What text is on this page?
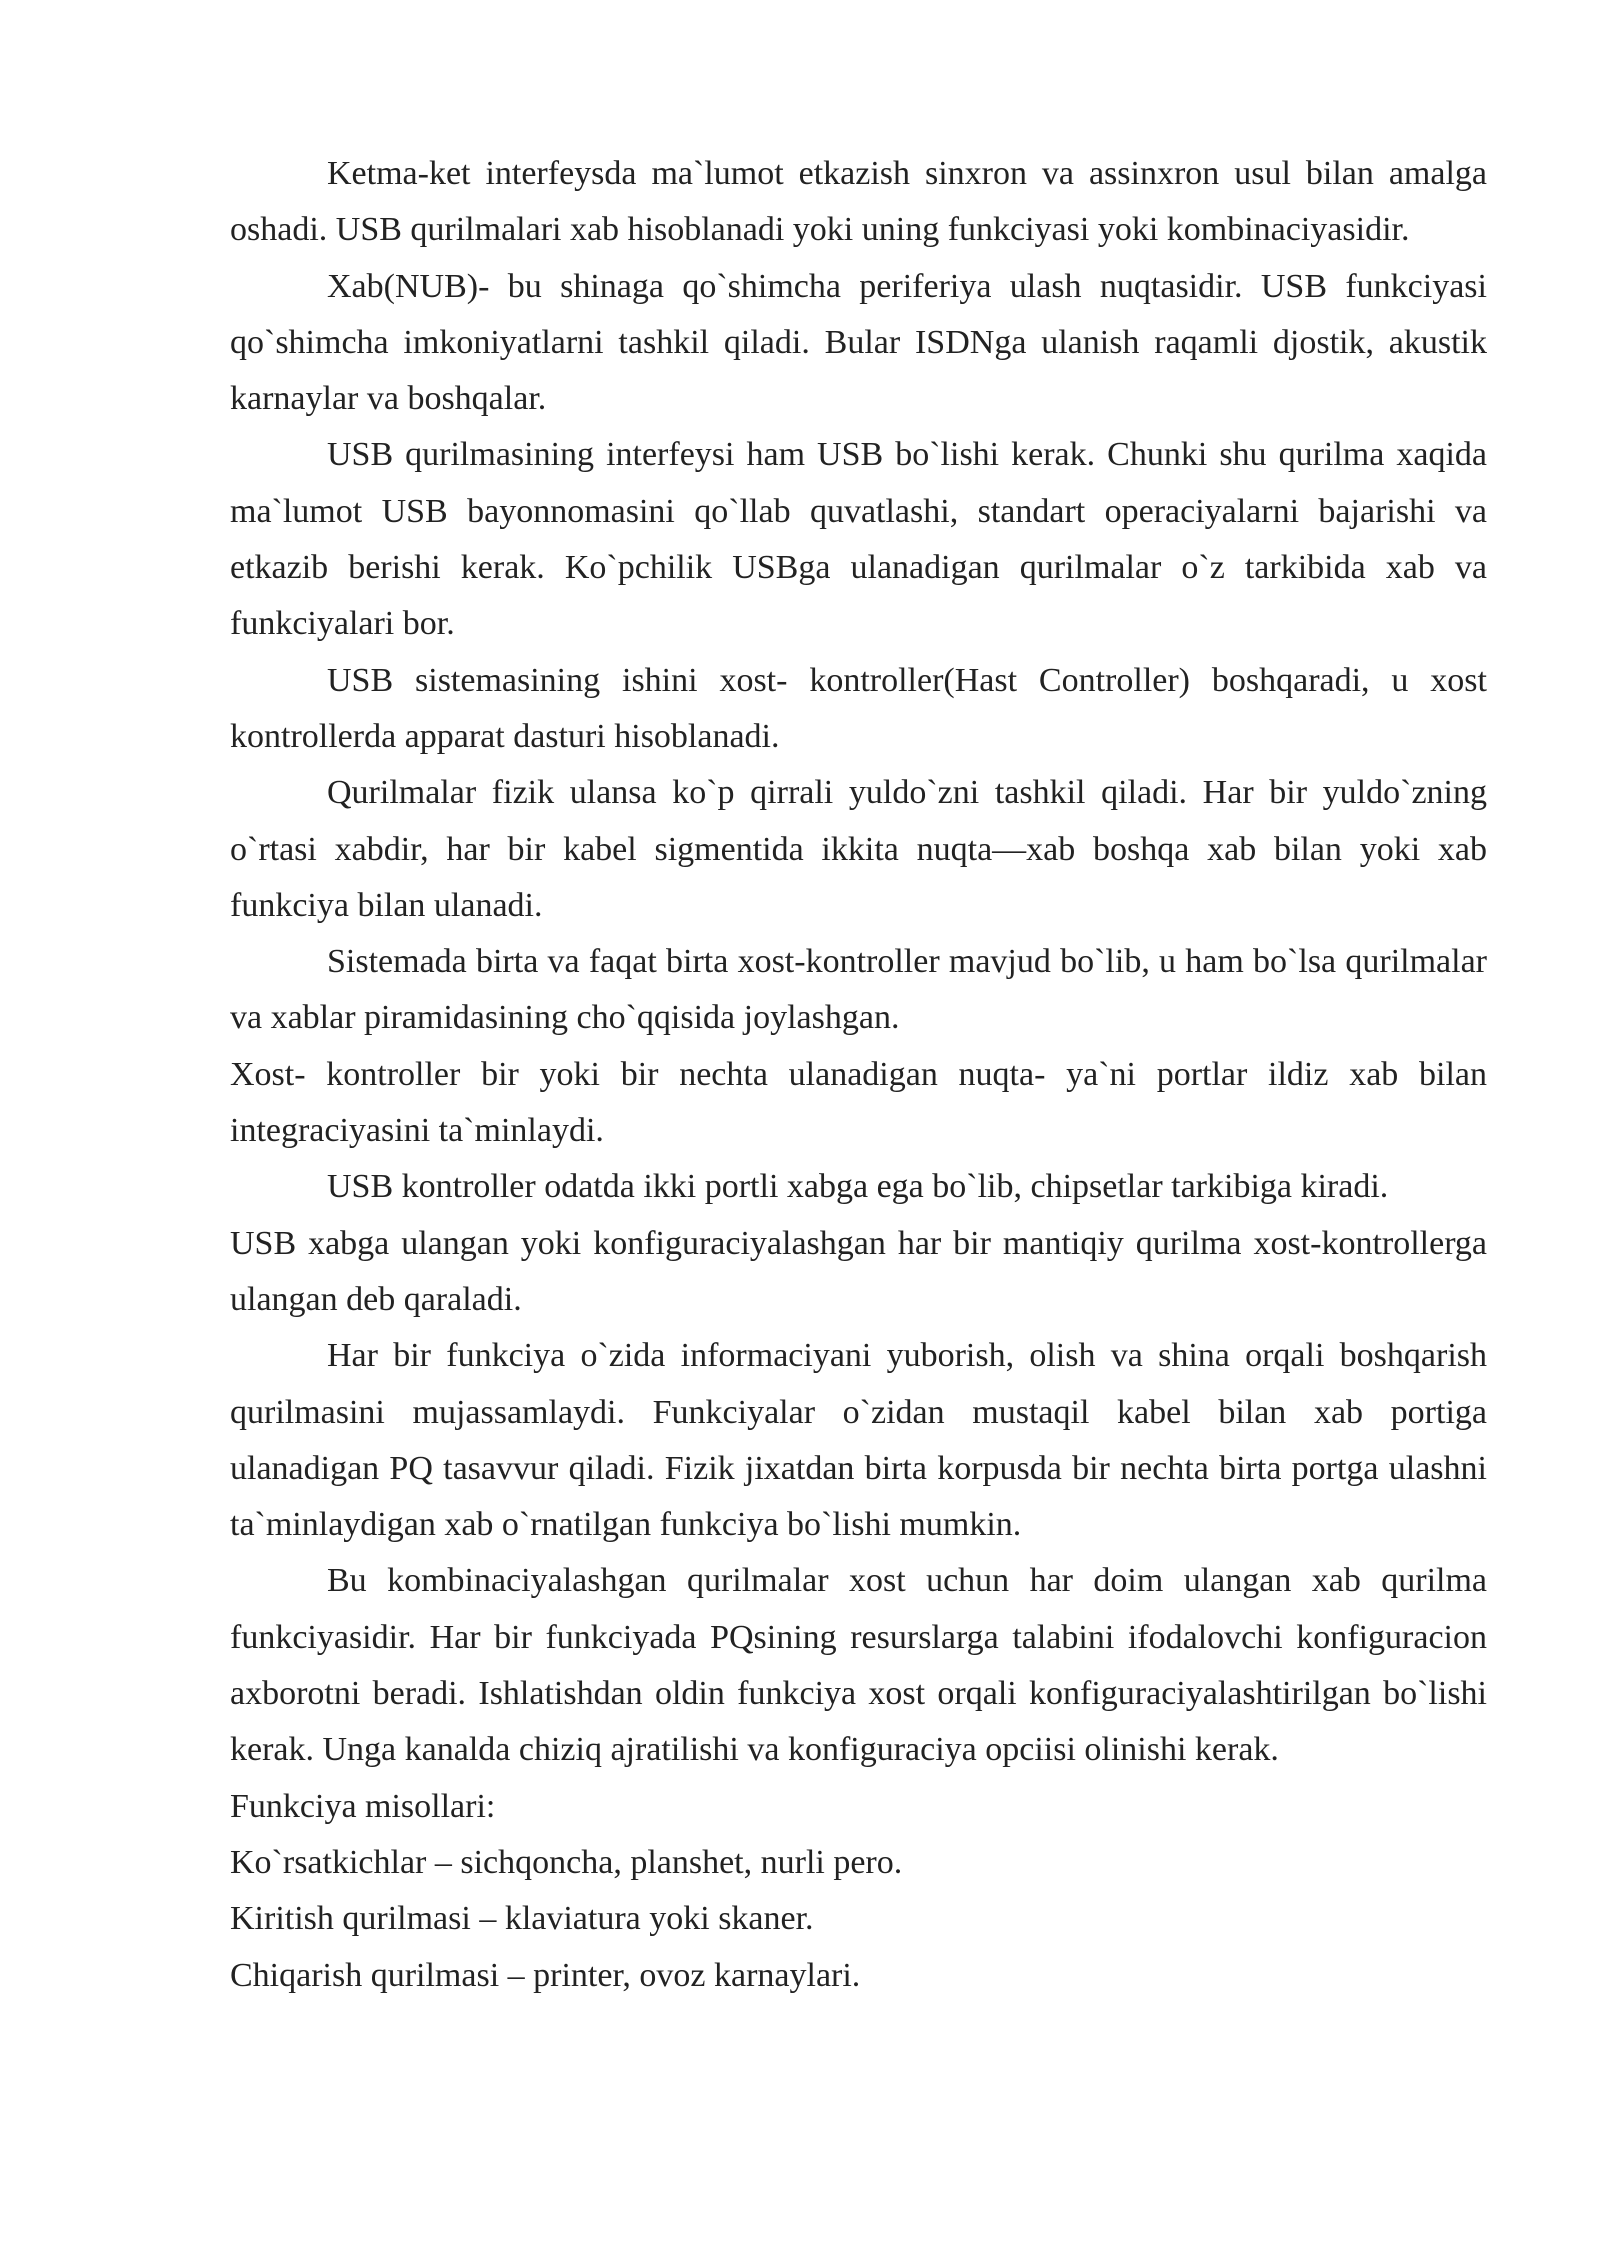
Ketma-ket interfeysda ma`lumot etkazish sinxron va assinxron usul bilan amalga oshadi. USB qurilmalari xab hisoblanadi yoki uning funkciyasi yoki kombinaciyasidir.

Xab(NUB)- bu shinaga qo`shimcha periferiya ulash nuqtasidir. USB funkciyasi qo`shimcha imkoniyatlarni tashkil qiladi. Bular ISDNga ulanish raqamli djostik, akustik karnaylar va boshqalar.

USB qurilmasining interfeysi ham USB bo`lishi kerak. Chunki shu qurilma xaqida ma`lumot USB bayonnomasini qo`llab quvatlashi, standart operaciyalarni bajarishi va etkazib berishi kerak. Ko`pchilik USBga ulanadigan qurilmalar o`z tarkibida xab va funkciyalari bor.

USB sistemasining ishini xost- kontroller(Hast Controller) boshqaradi, u xost kontrollerda apparat dasturi hisoblanadi.

Qurilmalar fizik ulansa ko`p qirrali yuldo`zni tashkil qiladi. Har bir yuldo`zning o`rtasi xabdir, har bir kabel sigmentida ikkita nuqta—xab boshqa xab bilan yoki xab funkciya bilan ulanadi.

Sistemada birta va faqat birta xost-kontroller mavjud bo`lib, u ham bo`lsa qurilmalar va xablar piramidasining cho`qqisida joylashgan.

Xost- kontroller bir yoki bir nechta ulanadigan nuqta- ya`ni portlar ildiz xab bilan integraciyasini ta`minlaydi.

USB kontroller odatda ikki portli xabga ega bo`lib, chipsetlar tarkibiga kiradi.

USB xabga ulangan yoki konfiguraciyalashgan har bir mantiqiy qurilma xost-kontrollerga ulangan deb qaraladi.

Har bir funkciya o`zida informaciyani yuborish, olish va shina orqali boshqarish qurilmasini mujassamlaydi. Funkciyalar o`zidan mustaqil kabel bilan xab portiga ulanadigan PQ tasavvur qiladi. Fizik jixatdan birta korpusda bir nechta birta portga ulashni ta`minlaydigan xab o`rnatilgan funkciya bo`lishi mumkin.

Bu kombinaciyalashgan qurilmalar xost uchun har doim ulangan xab qurilma funkciyasidir. Har bir funkciyada PQsining resurslarga talabini ifodalovchi konfiguracion axborotni beradi. Ishlatishdan oldin funkciya xost orqali konfiguraciyalashtirilgan bo`lishi kerak. Unga kanalda chiziq ajratilishi va konfiguraciya opciisi olinishi kerak.

Funkciya misollari:

Ko`rsatkichlar – sichqoncha, planshet, nurli pero.

Kiritish qurilmasi – klaviatura yoki skaner.

Chiqarish qurilmasi – printer, ovoz karnaylari.
